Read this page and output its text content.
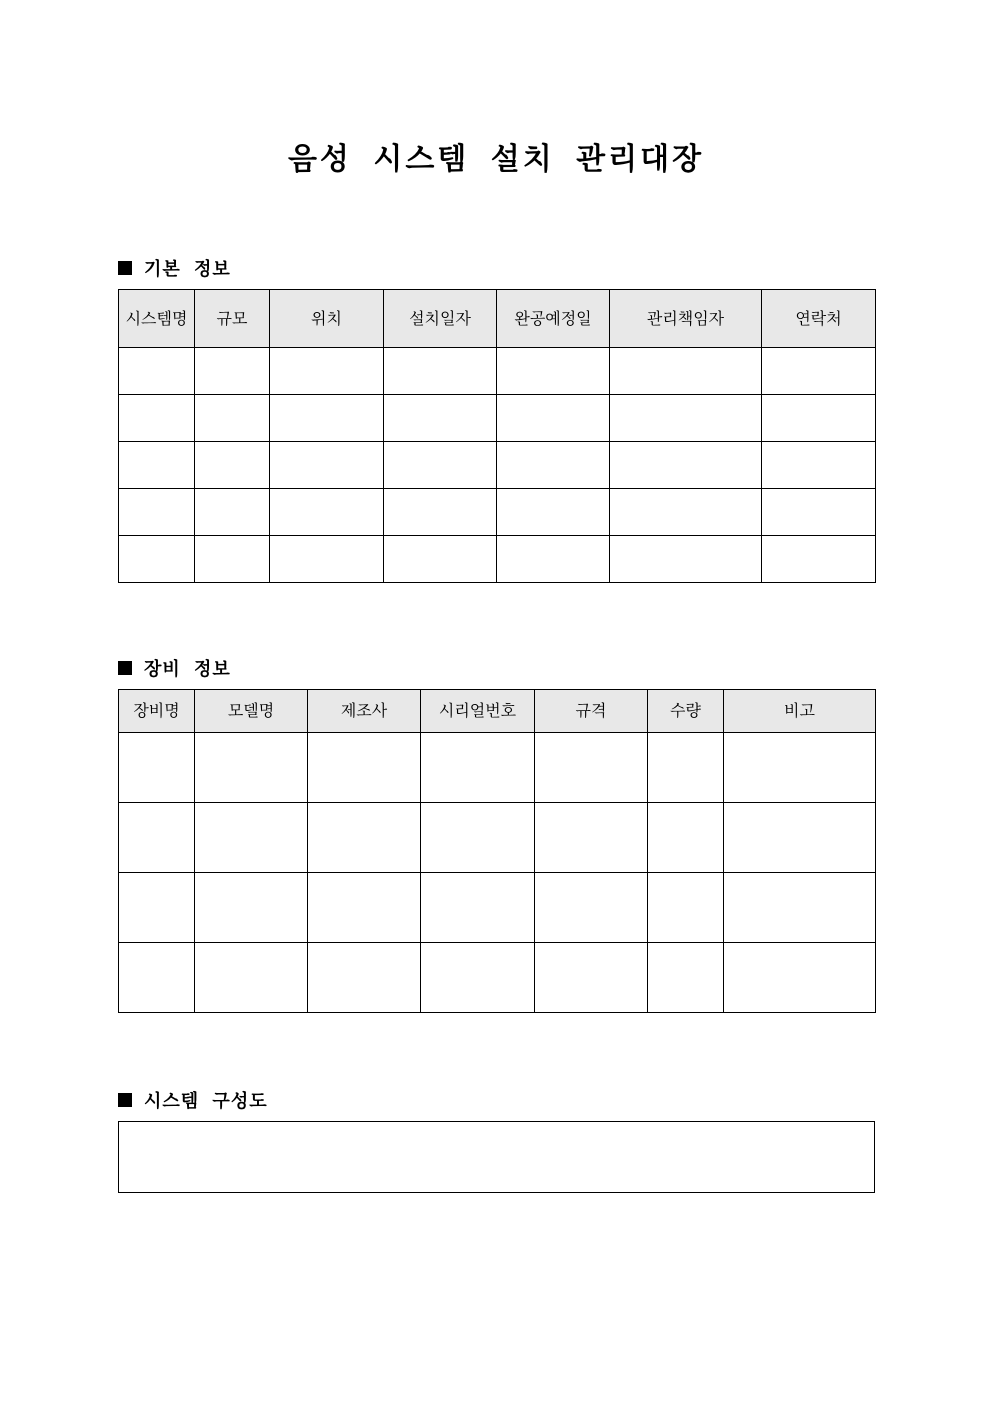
음성 시스템 설치 관리대장
기본 정보
시스템명	규모	위치	설치일자	완공예정일	관리책임자	연락처

장비 정보
장비명	모델명	제조사	시리얼번호	규격	수량	비고

시스템 구성도
